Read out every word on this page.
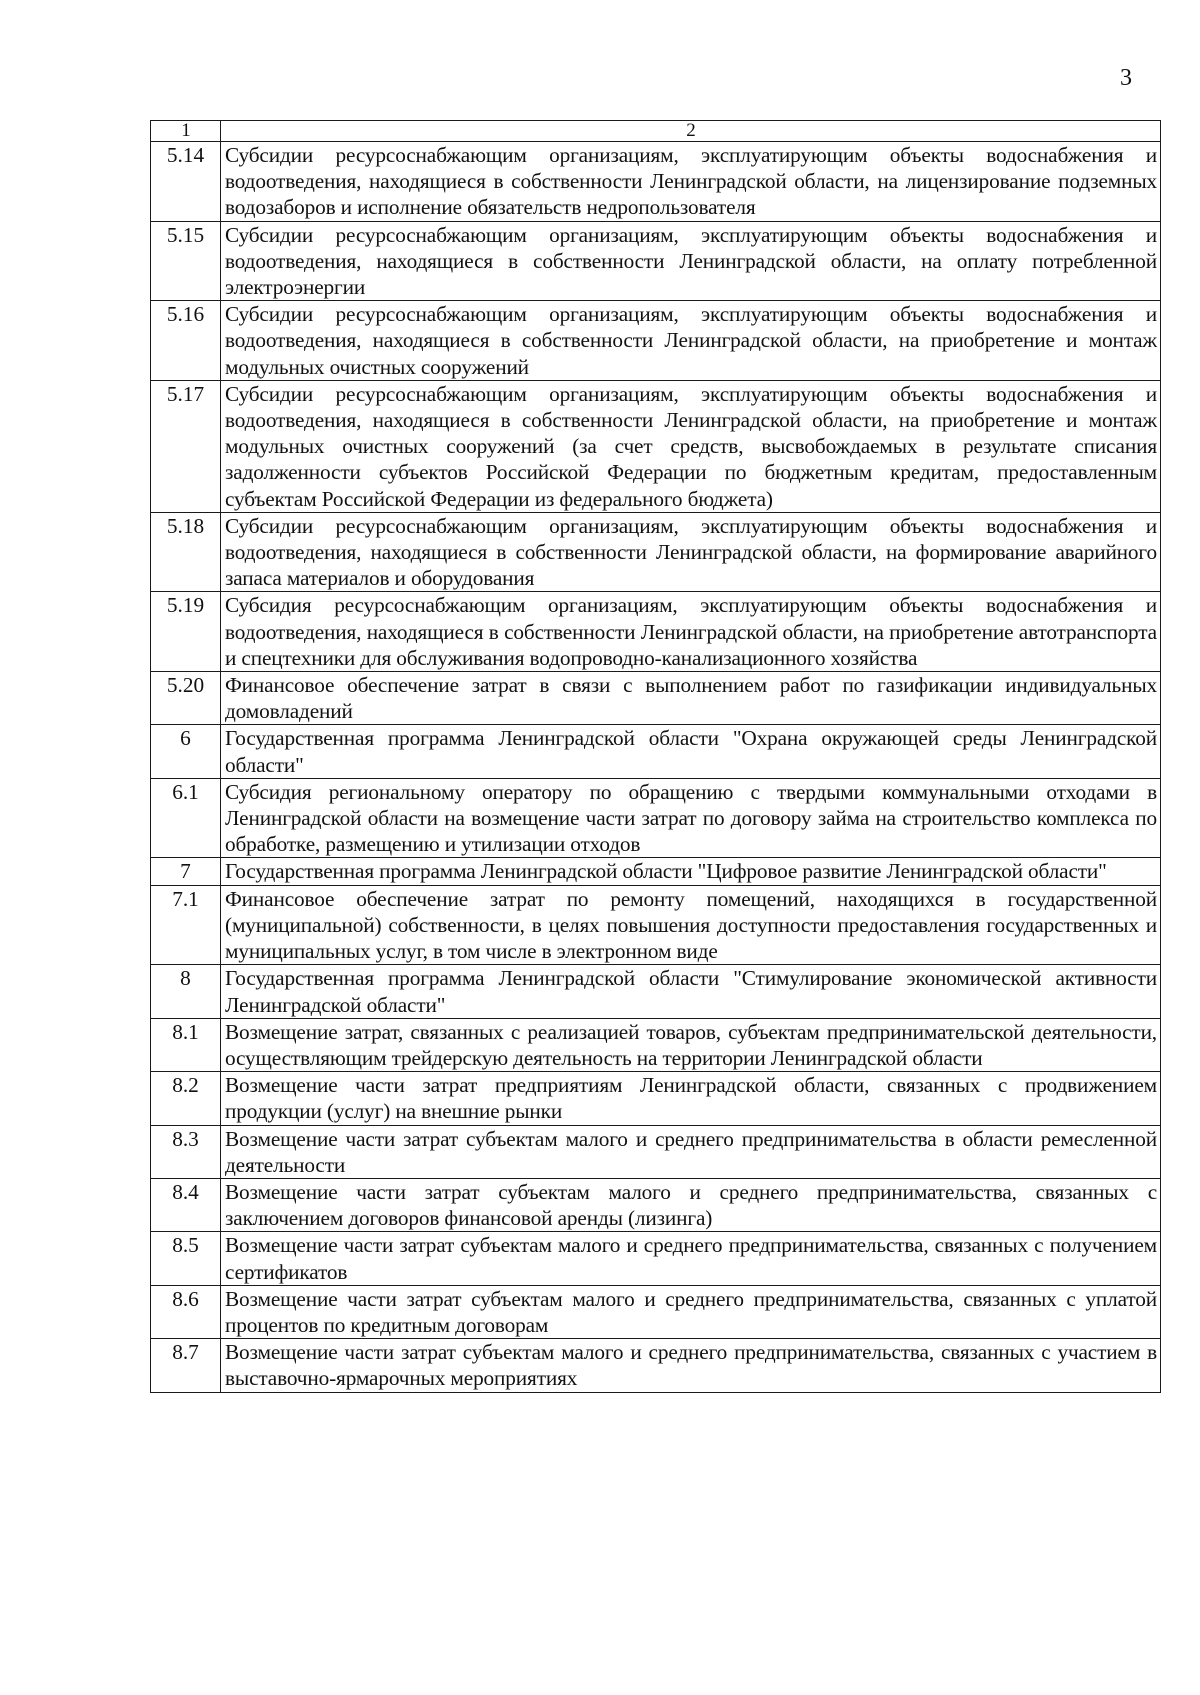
3
1	2
5.14	Субсидии ресурсоснабжающим организациям, эксплуатирующим объекты водоснабжения и водоотведения, находящиеся в собственности Ленинградской области, на лицензирование подземных водозаборов и исполнение обязательств недропользователя
5.15	Субсидии ресурсоснабжающим организациям, эксплуатирующим объекты водоснабжения и водоотведения, находящиеся в собственности Ленинградской области, на оплату потребленной электроэнергии
5.16	Субсидии ресурсоснабжающим организациям, эксплуатирующим объекты водоснабжения и водоотведения, находящиеся в собственности Ленинградской области, на приобретение и монтаж модульных очистных сооружений
5.17	Субсидии ресурсоснабжающим организациям, эксплуатирующим объекты водоснабжения и водоотведения, находящиеся в собственности Ленинградской области, на приобретение и монтаж модульных очистных сооружений (за счет средств, высвобождаемых в результате списания задолженности субъектов Российской Федерации по бюджетным кредитам, предоставленным субъектам Российской Федерации из федерального бюджета)
5.18	Субсидии ресурсоснабжающим организациям, эксплуатирующим объекты водоснабжения и водоотведения, находящиеся в собственности Ленинградской области, на формирование аварийного запаса материалов и оборудования
5.19	Субсидия ресурсоснабжающим организациям, эксплуатирующим объекты водоснабжения и водоотведения, находящиеся в собственности Ленинградской области, на приобретение автотранспорта и спецтехники для обслуживания водопроводно-канализационного хозяйства
5.20	Финансовое обеспечение затрат в связи с выполнением работ по газификации индивидуальных домовладений
6	Государственная программа Ленинградской области "Охрана окружающей среды Ленинградской области"
6.1	Субсидия региональному оператору по обращению с твердыми коммунальными отходами в Ленинградской области на возмещение части затрат по договору займа на строительство комплекса по обработке, размещению и утилизации отходов
7	Государственная программа Ленинградской области "Цифровое развитие Ленинградской области"
7.1	Финансовое обеспечение затрат по ремонту помещений, находящихся в государственной (муниципальной) собственности, в целях повышения доступности предоставления государственных и муниципальных услуг, в том числе в электронном виде
8	Государственная программа Ленинградской области "Стимулирование экономической активности Ленинградской области"
8.1	Возмещение затрат, связанных с реализацией товаров, субъектам предпринимательской деятельности, осуществляющим трейдерскую деятельность на территории Ленинградской области
8.2	Возмещение части затрат предприятиям Ленинградской области, связанных с продвижением продукции (услуг) на внешние рынки
8.3	Возмещение части затрат субъектам малого и среднего предпринимательства в области ремесленной деятельности
8.4	Возмещение части затрат субъектам малого и среднего предпринимательства, связанных с заключением договоров финансовой аренды (лизинга)
8.5	Возмещение части затрат субъектам малого и среднего предпринимательства, связанных с получением сертификатов
8.6	Возмещение части затрат субъектам малого и среднего предпринимательства, связанных с уплатой процентов по кредитным договорам
8.7	Возмещение части затрат субъектам малого и среднего предпринимательства, связанных с участием в выставочно-ярмарочных мероприятиях
